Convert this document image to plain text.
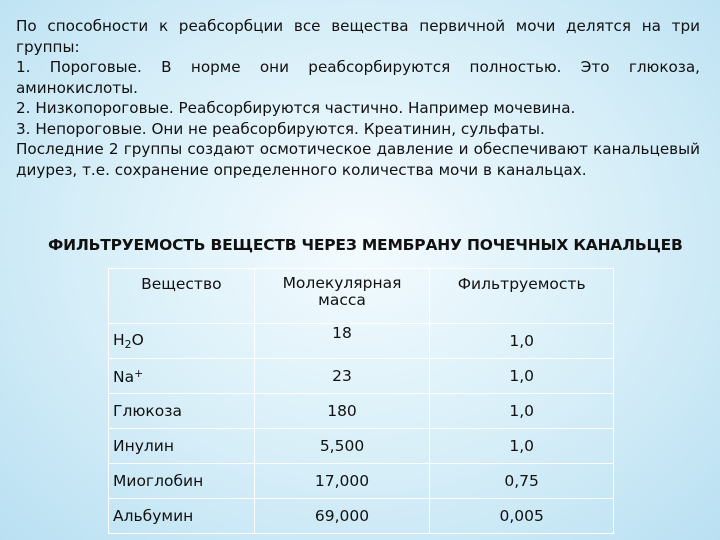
По способности к реабсорбции все вещества первичной мочи делятся на три группы:

1. Пороговые. В норме они реабсорбируются полностью. Это глюкоза, аминокислоты.

2. Низкопороговые. Реабсорбируются частично. Например мочевина.

3. Непороговые. Они не реабсорбируются. Креатинин, сульфаты.

Последние 2 группы создают осмотическое давление и обеспечивают канальцевый диурез, т.е. сохранение определенного количества мочи в канальцах.

ФИЛЬТРУЕМОСТЬ ВЕЩЕСТВ ЧЕРЕЗ МЕМБРАНУ ПОЧЕЧНЫХ КАНАЛЬЦЕВ
Вещество	Молекулярная масса	Фильтруемость
$H_2O$	18	1,0
Na+	23	1,0
Глюкоза	180	1,0
Инулин	5,500	1,0
Миоглобин	17,000	0,75
Альбумин	69,000	0,005
